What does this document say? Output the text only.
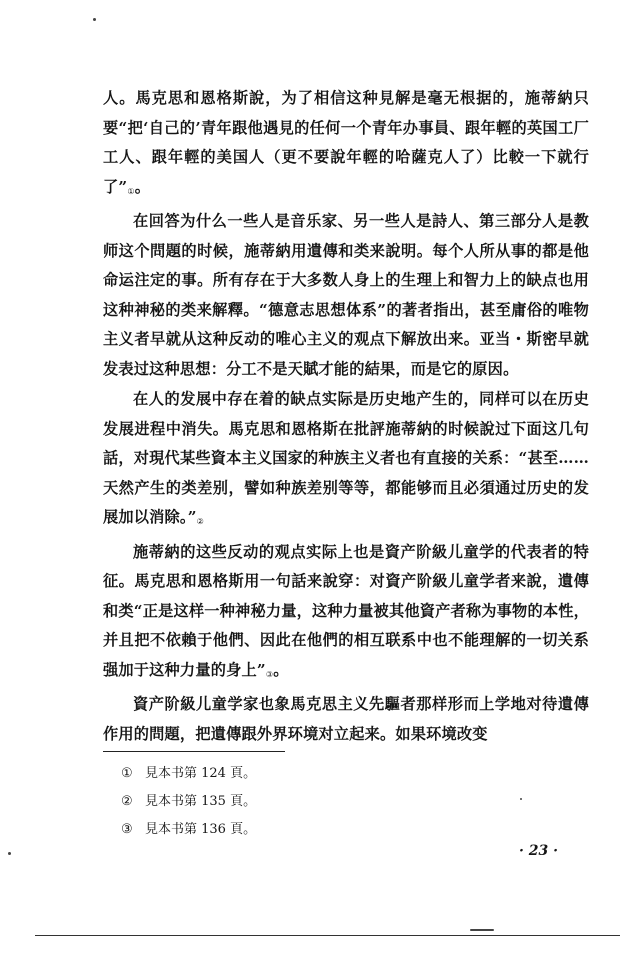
人。馬克思和恩格斯說，为了相信这种見解是毫无根据的，施蒂納只要“把‘自己的’青年跟他遇見的任何一个青年办事員、跟年輕的英国工厂工人、跟年輕的美国人（更不要說年輕的哈薩克人了）比較一下就行了”①。

在回答为什么一些人是音乐家、另一些人是詩人、第三部分人是教师这个問題的时候，施蒂納用遺傳和类来說明。每个人所从事的都是他命运注定的事。所有存在于大多数人身上的生理上和智力上的缺点也用这种神秘的类来解釋。“德意志思想体系”的著者指出，甚至庸俗的唯物主义者早就从这种反动的唯心主义的观点下解放出来。亚当・斯密早就发表过这种思想：分工不是天賦才能的結果，而是它的原因。

在人的发展中存在着的缺点实际是历史地产生的，同样可以在历史发展进程中消失。馬克思和恩格斯在批評施蒂納的时候說过下面这几句話，对現代某些資本主义国家的种族主义者也有直接的关系：“甚至……天然产生的类差别，譬如种族差别等等，都能够而且必須通过历史的发展加以消除。”②

施蒂納的这些反动的观点实际上也是資产阶級儿童学的代表者的特征。馬克思和恩格斯用一句話来說穿：对資产阶級儿童学者来說，遺傳和类“正是这样一种神秘力量，这种力量被其他資产者称为事物的本性，并且把不依賴于他們、因此在他們的相互联系中也不能理解的一切关系强加于这种力量的身上”③。

資产阶級儿童学家也象馬克思主义先驅者那样形而上学地对待遺傳作用的問題，把遺傳跟外界环境对立起来。如果环境改变

① 見本书第 124 頁。

② 見本书第 135 頁。

③ 見本书第 136 頁。

· 23 ·
